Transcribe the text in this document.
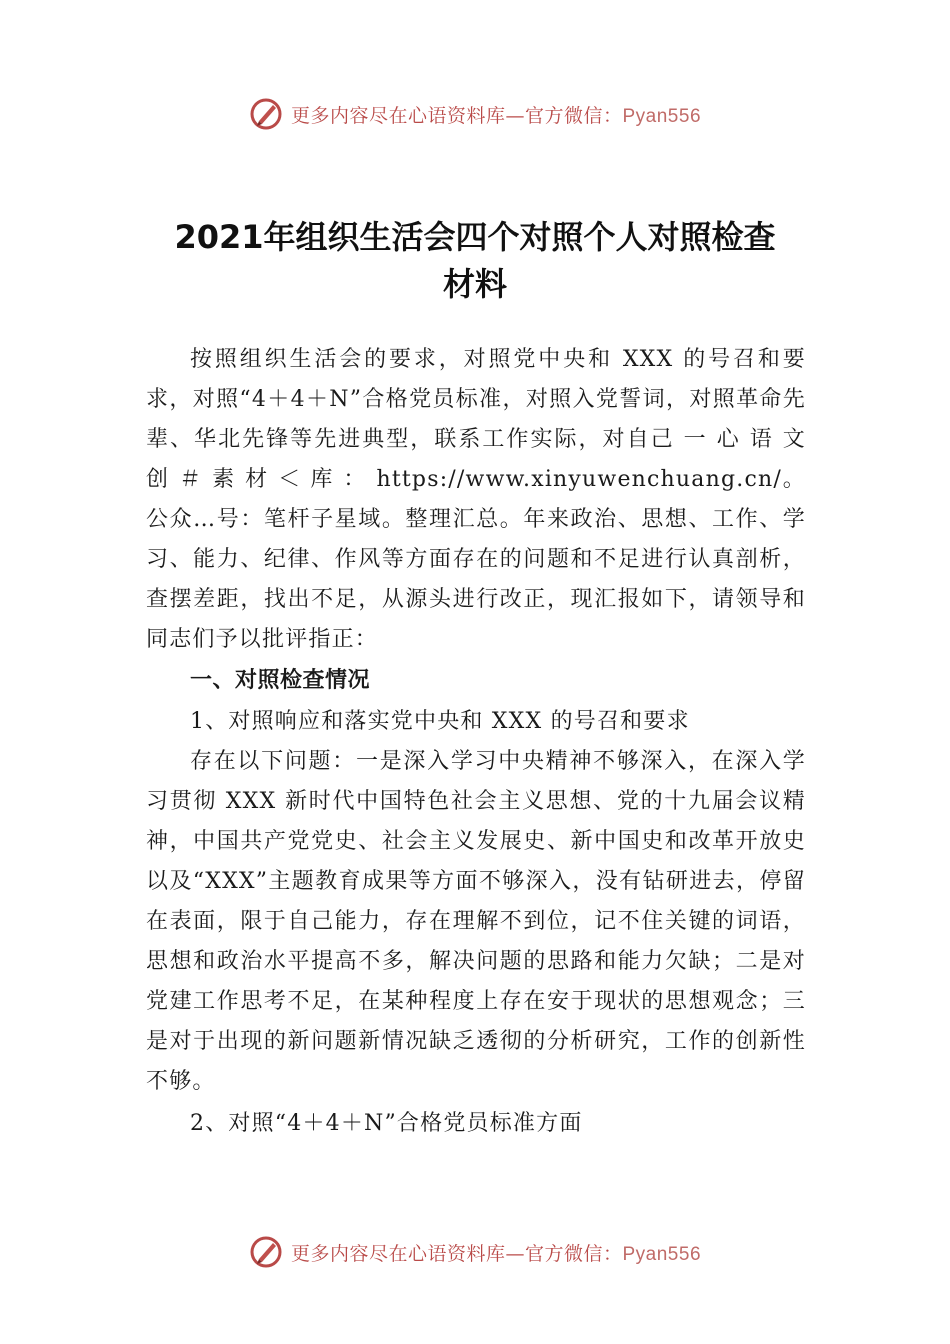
更多内容尽在心语资料库—官方微信：Pyan556
2021年组织生活会四个对照个人对照检查
材料

按照组织生活会的要求，对照党中央和 XXX 的号召和要求，对照“4＋4＋N”合格党员标准，对照入党誓词，对照革命先辈、华北先锋等先进典型，联系工作实际，对自己 一 心 语 文 创 ＃ 素 材 ＜ 库 ： https://www.xinyuwenchuang.cn/。公众…号：笔杆子星域。整理汇总。年来政治、思想、工作、学习、能力、纪律、作风等方面存在的问题和不足进行认真剖析，查摆差距，找出不足，从源头进行改正，现汇报如下，请领导和同志们予以批评指正：

一、对照检查情况

1、对照响应和落实党中央和 XXX 的号召和要求

存在以下问题：一是深入学习中央精神不够深入，在深入学习贯彻 XXX 新时代中国特色社会主义思想、党的十九届会议精神，中国共产党党史、社会主义发展史、新中国史和改革开放史以及“XXX”主题教育成果等方面不够深入，没有钻研进去，停留在表面，限于自己能力，存在理解不到位，记不住关键的词语，思想和政治水平提高不多，解决问题的思路和能力欠缺；二是对党建工作思考不足，在某种程度上存在安于现状的思想观念；三是对于出现的新问题新情况缺乏透彻的分析研究，工作的创新性不够。

2、对照“4＋4＋N”合格党员标准方面

更多内容尽在心语资料库—官方微信：Pyan556
